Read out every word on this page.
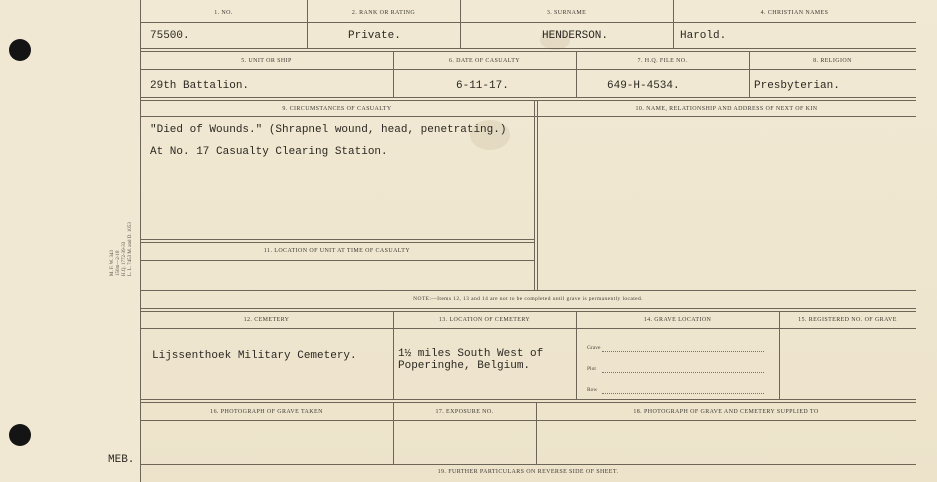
1. NO.	2. RANK OR RATING	3. SURNAME	4. CHRISTIAN NAMES
75500.	Private.	HENDERSON.	Harold.
5. UNIT OR SHIP	6. DATE OF CASUALTY	7. H.Q. FILE NO.	8. RELIGION
29th Battalion.	6-11-17.	649-H-4534.	Presbyterian.
9. CIRCUMSTANCES OF CASUALTY	10. NAME, RELATIONSHIP AND ADDRESS OF NEXT OF KIN
"Died of Wounds." (Shrapnel wound, head, penetrating.)
At No. 17 Casualty Clearing Station.
11. LOCATION OF UNIT AT TIME OF CASUALTY
NOTE:—Items 12, 13 and 14 are not to be completed until grave is permanently located.
12. CEMETERY	13. LOCATION OF CEMETERY	14. GRAVE LOCATION	15. REGISTERED NO. OF GRAVE
Lijssenthoek Military Cemetery.	1½ miles South West of
Poperinghe, Belgium.
Grave
Plot
Row
16. PHOTOGRAPH OF GRAVE TAKEN	17. EXPOSURE NO.	18. PHOTOGRAPH OF GRAVE AND CEMETERY SUPPLIED TO
19. FURTHER PARTICULARS ON REVERSE SIDE OF SHEET.
MEB.
M. F. W. 343 150m—2-18 H.Q. 1772-39-33 L. L. 7453 M. and D. 1053
